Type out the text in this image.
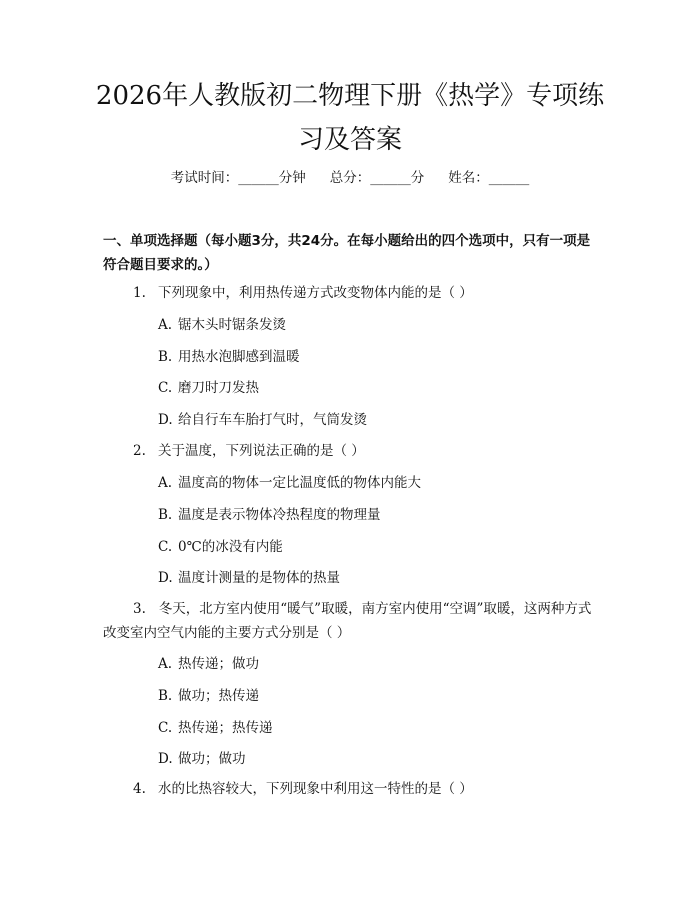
2026年人教版初二物理下册《热学》专项练习及答案
考试时间：______分钟 总分：______分 姓名：______
一、单项选择题（每小题3分，共24分。在每小题给出的四个选项中，只有一项是符合题目要求的。）
1. 下列现象中，利用热传递方式改变物体内能的是（ ）
A. 锯木头时锯条发烫
B. 用热水泡脚感到温暖
C. 磨刀时刀发热
D. 给自行车车胎打气时，气筒发烫
2. 关于温度，下列说法正确的是（ ）
A. 温度高的物体一定比温度低的物体内能大
B. 温度是表示物体冷热程度的物理量
C. 0℃的冰没有内能
D. 温度计测量的是物体的热量
3. 冬天，北方室内使用“暖气”取暖，南方室内使用“空调”取暖，这两种方式改变室内空气内能的主要方式分别是（ ）
A. 热传递；做功
B. 做功；热传递
C. 热传递；热传递
D. 做功；做功
4. 水的比热容较大，下列现象中利用这一特性的是（ ）
